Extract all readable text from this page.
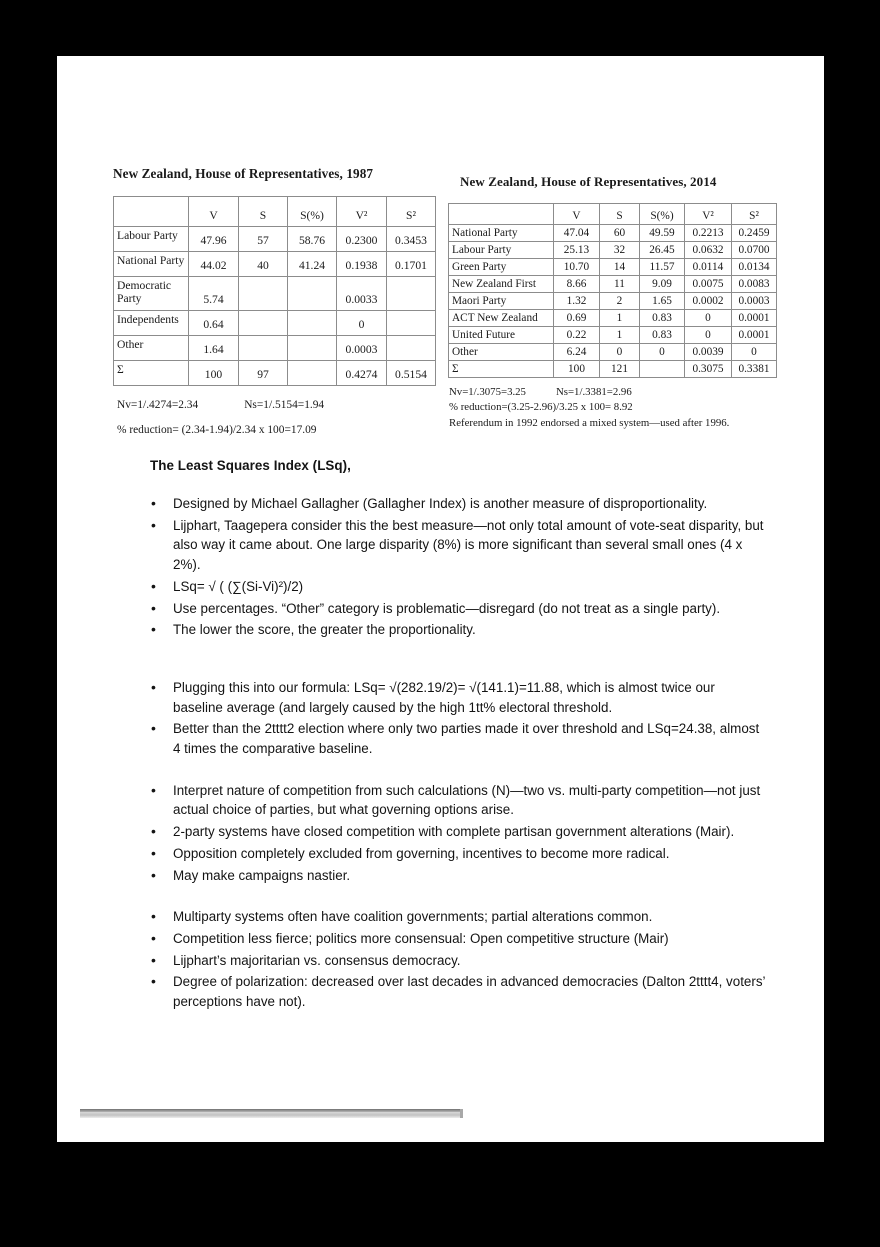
New Zealand, House of Representatives, 1987
	V	S	S(%)	V²	S²
Labour Party	47.96	57	58.76	0.2300	0.3453
National Party	44.02	40	41.24	0.1938	0.1701
Democratic Party	5.74			0.0033	
Independents	0.64			0	
Other	1.64			0.0003	
Σ	100	97		0.4274	0.5154
Nv=1/.4274=2.34	Ns=1/.5154=1.94
% reduction= (2.34-1.94)/2.34 x 100=17.09
New Zealand, House of Representatives, 2014
	V	S	S(%)	V²	S²
National Party	47.04	60	49.59	0.2213	0.2459
Labour Party	25.13	32	26.45	0.0632	0.0700
Green Party	10.70	14	11.57	0.0114	0.0134
New Zealand First	8.66	11	9.09	0.0075	0.0083
Maori Party	1.32	2	1.65	0.0002	0.0003
ACT New Zealand	0.69	1	0.83	0	0.0001
United Future	0.22	1	0.83	0	0.0001
Other	6.24	0	0	0.0039	0
Σ	100	121		0.3075	0.3381
Nv=1/.3075=3.25	Ns=1/.3381=2.96
% reduction=(3.25-2.96)/3.25 x 100= 8.92
Referendum in 1992 endorsed a mixed system—used after 1996.
The Least Squares Index (LSq),
• Designed by Michael Gallagher (Gallagher Index) is another measure of disproportionality.
• Lijphart, Taagepera consider this the best measure—not only total amount of vote-seat disparity, but also way it came about. One large disparity (8%) is more significant than several small ones (4 x 2%).
• LSq= √ ( (∑(Si-Vi)²)/2)
• Use percentages. “Other” category is problematic—disregard (do not treat as a single party).
• The lower the score, the greater the proportionality.
• Plugging this into our formula: LSq= √(282.19/2)= √(141.1)=11.88, which is almost twice our baseline average (and largely caused by the high 1tt% electoral threshold.
• Better than the 2tttt2 election where only two parties made it over threshold and LSq=24.38, almost 4 times the comparative baseline.
• Interpret nature of competition from such calculations (N)—two vs. multi-party competition—not just actual choice of parties, but what governing options arise.
• 2-party systems have closed competition with complete partisan government alterations (Mair).
• Opposition completely excluded from governing, incentives to become more radical.
• May make campaigns nastier.
• Multiparty systems often have coalition governments; partial alterations common.
• Competition less fierce; politics more consensual: Open competitive structure (Mair)
• Lijphart’s majoritarian vs. consensus democracy.
• Degree of polarization: decreased over last decades in advanced democracies (Dalton 2tttt4, voters’ perceptions have not).
